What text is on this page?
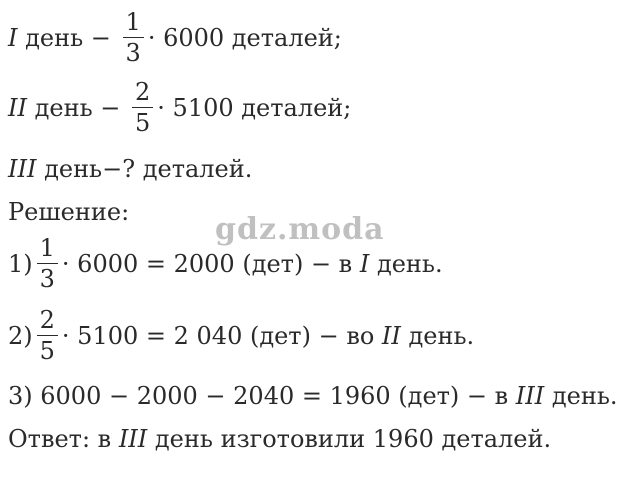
I день − $\frac{1}{3} \cdot 6000$ деталей;
II день − $\frac{2}{5} \cdot 5100$ деталей;
III день−? деталей.
Решение:	gdz.moda
$1) \frac{1}{3} \cdot 6000 = 2000$ (дет) − в I день.
$2) \frac{2}{5} \cdot 5100 = 2$ 040 (дет) − во II день.
3) 6000 − 2000 − 2040 = 1960 (дет) − в III день.
Ответ: в III день изготовили 1960 деталей.
